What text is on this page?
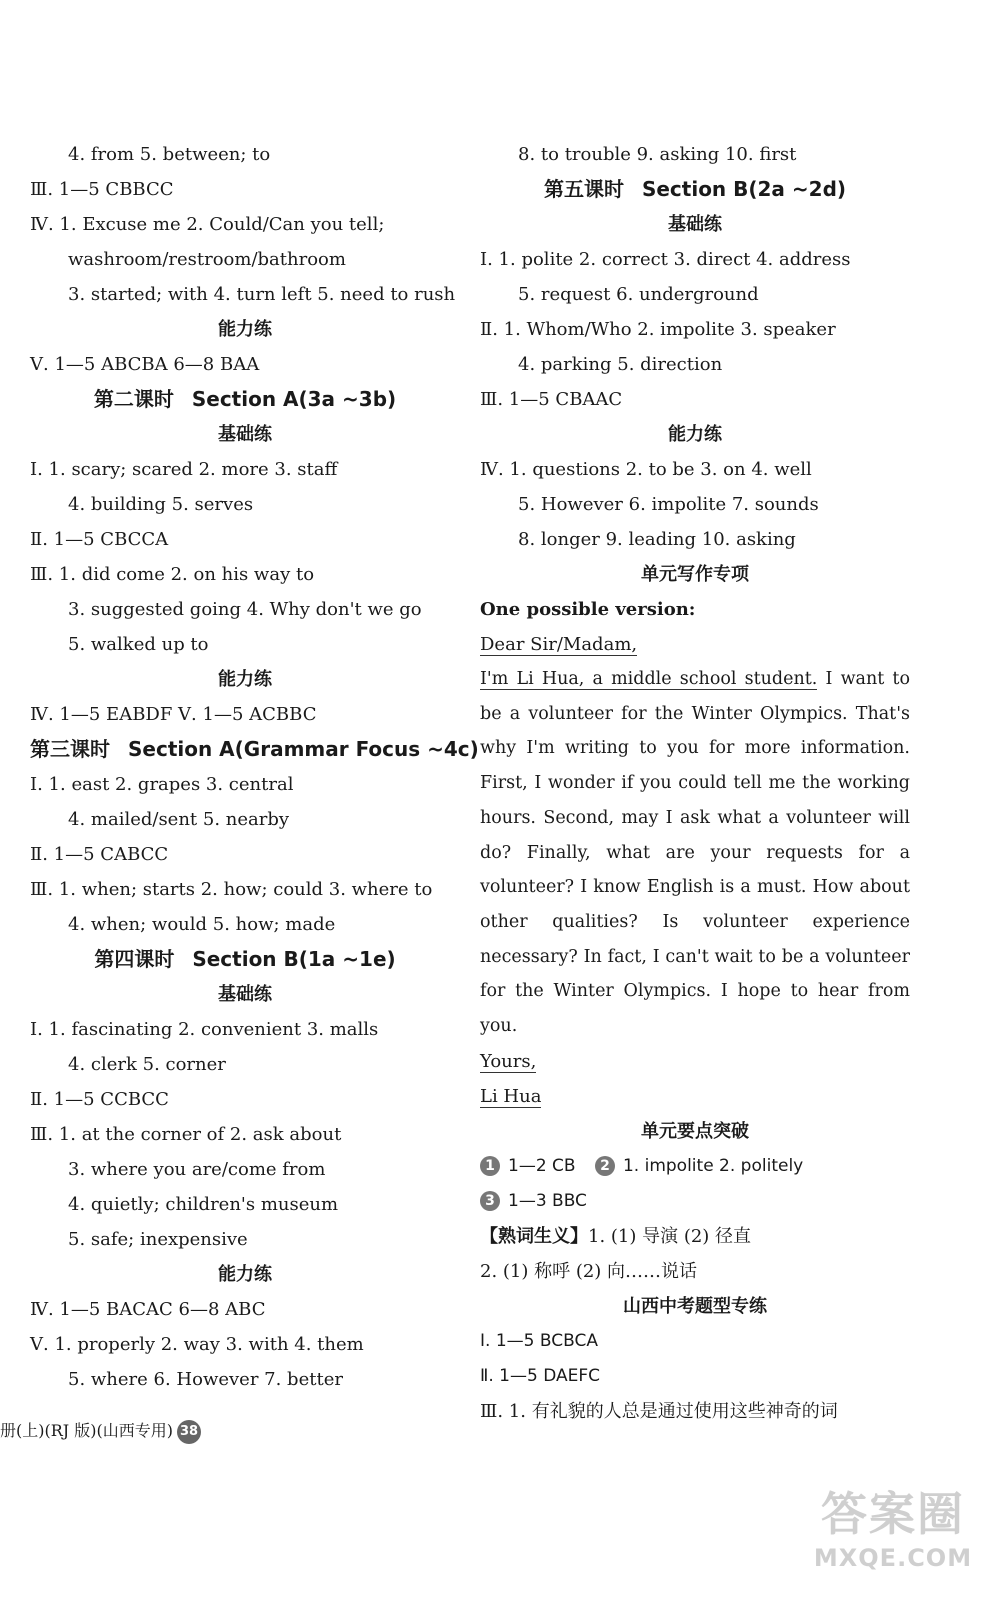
4. from 5. between; to
Ⅲ. 1—5 CBBCC
Ⅳ. 1. Excuse me 2. Could/Can you tell;
washroom/restroom/bathroom
3. started; with 4. turn left 5. need to rush
能力练
Ⅴ. 1—5 ABCBA 6—8 BAA
第二课时 Section A(3a ~3b)
基础练
Ⅰ. 1. scary; scared 2. more 3. staff
4. building 5. serves
Ⅱ. 1—5 CBCCA
Ⅲ. 1. did come 2. on his way to
3. suggested going 4. Why don't we go
5. walked up to
能力练
Ⅳ. 1—5 EABDF Ⅴ. 1—5 ACBBC
第三课时 Section A(Grammar Focus ~4c)
Ⅰ. 1. east 2. grapes 3. central
4. mailed/sent 5. nearby
Ⅱ. 1—5 CABCC
Ⅲ. 1. when; starts 2. how; could 3. where to
4. when; would 5. how; made
第四课时 Section B(1a ~1e)
基础练
Ⅰ. 1. fascinating 2. convenient 3. malls
4. clerk 5. corner
Ⅱ. 1—5 CCBCC
Ⅲ. 1. at the corner of 2. ask about
3. where you are/come from
4. quietly; children's museum
5. safe; inexpensive
能力练
Ⅳ. 1—5 BACAC 6—8 ABC
Ⅴ. 1. properly 2. way 3. with 4. them
5. where 6. However 7. better
8. to trouble 9. asking 10. first
第五课时 Section B(2a ~2d)
基础练
Ⅰ. 1. polite 2. correct 3. direct 4. address
5. request 6. underground
Ⅱ. 1. Whom/Who 2. impolite 3. speaker
4. parking 5. direction
Ⅲ. 1—5 CBAAC
能力练
Ⅳ. 1. questions 2. to be 3. on 4. well
5. However 6. impolite 7. sounds
8. longer 9. leading 10. asking
单元写作专项
One possible version:
Dear Sir/Madam,
I'm Li Hua, a middle school student. I want to be a volunteer for the Winter Olympics. That's why I'm writing to you for more information. First, I wonder if you could tell me the working hours. Second, may I ask what a volunteer will do? Finally, what are your requests for a volunteer? I know English is a must. How about other qualities? Is volunteer experience necessary? In fact, I can't wait to be a volunteer for the Winter Olympics. I hope to hear from you.
Yours,
Li Hua
单元要点突破
1 1—2 CB 2 1. impolite 2. politely
3 1—3 BBC
【熟词生义】1. (1) 导演 (2) 径直
2. (1) 称呼 (2) 向……说话
山西中考题型专练
Ⅰ. 1—5 BCBCA
Ⅱ. 1—5 DAEFC
Ⅲ. 1. 有礼貌的人总是通过使用这些神奇的词
册(上)(RJ 版)(山西专用) 38
答案圈
MXQE.COM
